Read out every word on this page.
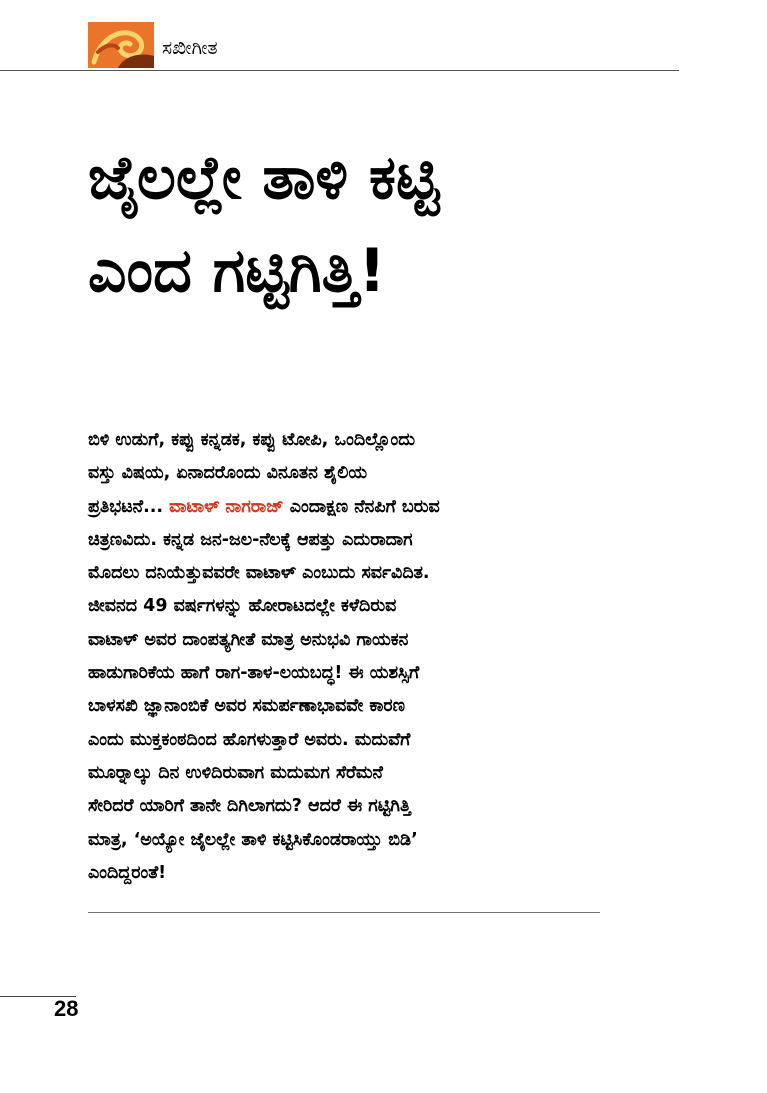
ಸಖೀಗೀತ
ಜೈಲಲ್ಲೇ ತಾಳಿ ಕಟ್ಟಿ
ಎಂದ ಗಟ್ಟಿಗಿತ್ತಿ!
ಬಿಳಿ ಉಡುಗೆ, ಕಪ್ಪು ಕನ್ನಡಕ, ಕಪ್ಪು ಟೋಪಿ, ಒಂದಿಲ್ಲೊಂದು
ವಸ್ತು ವಿಷಯ, ಏನಾದರೊಂದು ವಿನೂತನ ಶೈಲಿಯ
ಪ್ರತಿಭಟನೆ... ವಾಟಾಳ್ ನಾಗರಾಜ್ ಎಂದಾಕ್ಷಣ ನೆನಪಿಗೆ ಬರುವ
ಚಿತ್ರಣವಿದು. ಕನ್ನಡ ಜನ-ಜಲ-ನೆಲಕ್ಕೆ ಆಪತ್ತು ಎದುರಾದಾಗ
ಮೊದಲು ದನಿಯೆತ್ತುವವರೇ ವಾಟಾಳ್ ಎಂಬುದು ಸರ್ವವಿದಿತ.
ಜೀವನದ 49 ವರ್ಷಗಳನ್ನು ಹೋರಾಟದಲ್ಲೇ ಕಳೆದಿರುವ
ವಾಟಾಳ್ ಅವರ ದಾಂಪತ್ಯಗೀತೆ ಮಾತ್ರ ಅನುಭವಿ ಗಾಯಕನ
ಹಾಡುಗಾರಿಕೆಯ ಹಾಗೆ ರಾಗ-ತಾಳ-ಲಯಬದ್ಧ! ಈ ಯಶಸ್ಸಿಗೆ
ಬಾಳಸಖಿ ಜ್ಞಾನಾಂಬಿಕೆ ಅವರ ಸಮರ್ಪಣಾಭಾವವೇ ಕಾರಣ
ಎಂದು ಮುಕ್ತಕಂಠದಿಂದ ಹೊಗಳುತ್ತಾರೆ ಅವರು. ಮದುವೆಗೆ
ಮೂರ್‍ನಾಲ್ಕು ದಿನ ಉಳಿದಿರುವಾಗ ಮದುಮಗ ಸೆರೆಮನೆ
ಸೇರಿದರೆ ಯಾರಿಗೆ ತಾನೇ ದಿಗಿಲಾಗದು? ಆದರೆ ಈ ಗಟ್ಟಿಗಿತ್ತಿ
ಮಾತ್ರ, ‘ಅಯ್ಯೋ ಜೈಲಲ್ಲೇ ತಾಳಿ ಕಟ್ಟಿಸಿಕೊಂಡರಾಯ್ತು ಬಿಡಿ’
ಎಂದಿದ್ದರಂತೆ!
28
